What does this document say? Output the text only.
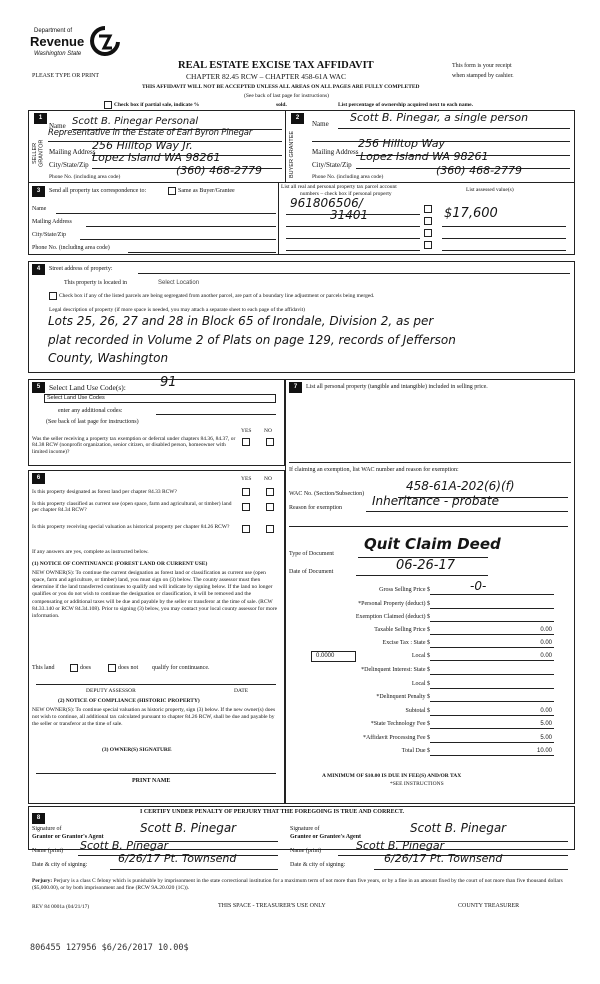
Department of
Revenue
Washington State
PLEASE TYPE OR PRINT
REAL ESTATE EXCISE TAX AFFIDAVIT
CHAPTER 82.45 RCW – CHAPTER 458-61A WAC
THIS AFFIDAVIT WILL NOT BE ACCEPTED UNLESS ALL AREAS ON ALL PAGES ARE FULLY COMPLETED
(See back of last page for instructions)
This form is your receipt
when stamped by cashier.
Check box if partial sale, indicate %	sold.	List percentage of ownership acquired next to each name.
1
SELLER GRANTOR
Name Scott B. Pinegar Personal
Representative in the Estate of Earl Byron Pinegar
Mailing Address
256 Hilltop Way Jr.
City/State/Zip
Lopez Island WA 98261
Phone No. (including area code)	(360) 468-2779
2
BUYER GRANTEE
Name Scott B. Pinegar, a single person
Mailing Address
256 Hilltop Way
City/State/Zip
Lopez Island WA 98261
Phone No. (including area code)	(360) 468-2779
3	Send all property tax correspondence to:	Same as Buyer/Grantee
Name
Mailing Address
City/State/Zip
Phone No. (including area code)
List all real and personal property tax parcel account
numbers – check box if personal property
List assessed value(s)
961806506/
31401	$17,600
4	Street address of property:
This property is located in	Select Location
Check box if any of the listed parcels are being segregated from another parcel, are part of a boundary line adjustment or parcels being merged.
Legal description of property (if more space is needed, you may attach a separate sheet to each page of the affidavit)
Lots 25, 26, 27 and 28 in Block 65 of Irondale, Division 2, as per
plat recorded in Volume 2 of Plats on page 129, records of Jefferson
County, Washington
5	Select Land Use Code(s):	91
Select Land Use Codes
enter any additional codes:
(See back of last page for instructions)
YES NO
Was the seller receiving a property tax exemption or deferral under chapters 84.36, 84.37, or 84.38 RCW (nonprofit organization, senior citizen, or disabled person, homeowner with limited income)?
6	YES NO
Is this property designated as forest land per chapter 84.33 RCW?
Is this property classified as current use (open space, farm and agricultural, or timber) land per chapter 84.34 RCW?
Is this property receiving special valuation as historical property per chapter 84.26 RCW?
If any answers are yes, complete as instructed below.
(1) NOTICE OF CONTINUANCE (FOREST LAND OR CURRENT USE)
NEW OWNER(S): To continue the current designation as forest land or classification as current use (open space, farm and agriculture, or timber) land, you must sign on (3) below. The county assessor must then determine if the land transferred continues to qualify and will indicate by signing below. If the land no longer qualifies or you do not wish to continue the designation or classification, it will be removed and the compensating or additional taxes will be due and payable by the seller or transferor at the time of sale. (RCW 84.33.140 or RCW 84.34.108). Prior to signing (3) below, you may contact your local county assessor for more information.
This land	does	does not qualify for continuance.
DEPUTY ASSESSOR	DATE
(2) NOTICE OF COMPLIANCE (HISTORIC PROPERTY)
NEW OWNER(S): To continue special valuation as historic property, sign (3) below. If the new owner(s) does not wish to continue, all additional tax calculated pursuant to chapter 84.26 RCW, shall be due and payable by the seller or transferor at the time of sale.
(3) OWNER(S) SIGNATURE
PRINT NAME
7	List all personal property (tangible and intangible) included in selling price.
If claiming an exemption, list WAC number and reason for exemption:
WAC No. (Section/Subsection)
458-61A-202(6)(f)
Reason for exemption	Inheritance - probate
Type of Document
Quit Claim Deed
Date of Document	06-26-17
Gross Selling Price $	-0-
*Personal Property (deduct) $
Exemption Claimed (deduct) $
Taxable Selling Price $	0.00
Excise Tax : State $	0.00
0.0000	Local $	0.00
*Delinquent Interest: State $
Local $
*Delinquent Penalty $
Subtotal $	0.00
*State Technology Fee $	5.00
*Affidavit Processing Fee $	5.00
Total Due $	10.00
A MINIMUM OF $10.00 IS DUE IN FEE(S) AND/OR TAX
*SEE INSTRUCTIONS
8
I CERTIFY UNDER PENALTY OF PERJURY THAT THE FOREGOING IS TRUE AND CORRECT.
Signature of
Grantor or Grantor's Agent
Scott B. Pinegar
Name (print) Scott B. Pinegar
Date & city of signing:	6/26/17 Pt. Townsend
Signature of
Grantee or Grantee's Agent
Scott B. Pinegar
Name (print)	Scott B. Pinegar
Date & city of signing:	6/26/17 Pt. Townsend
Perjury: Perjury is a class C felony which is punishable by imprisonment in the state correctional institution for a maximum term of not more than five years, or by a fine in an amount fixed by the court of not more than five thousand dollars ($5,000.00), or by both imprisonment and fine (RCW 9A.20.020 (1C)).
REV 84 0001a (04/21/17)	THIS SPACE - TREASURER'S USE ONLY	COUNTY TREASURER
806455 127956 $6/26/2017 10.00$
